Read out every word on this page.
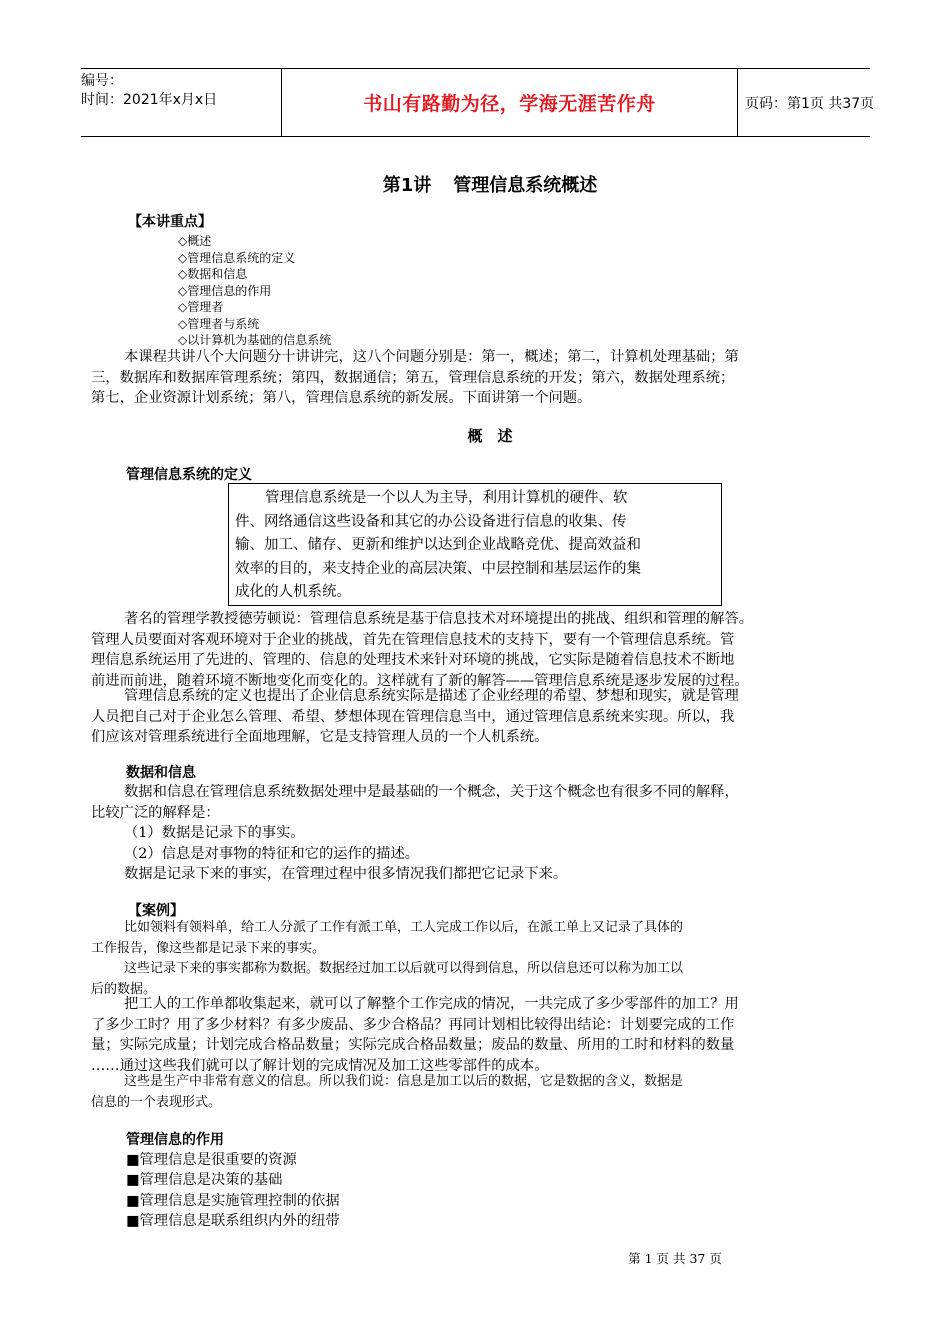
编号：
时间：2021年x月x日	书山有路勤为径，学海无涯苦作舟	页码：第1页 共37页
第1讲 管理信息系统概述
【本讲重点】
◇概述
◇管理信息系统的定义
◇数据和信息
◇管理信息的作用
◇管理者
◇管理者与系统
◇以计算机为基础的信息系统
本课程共讲八个大问题分十讲讲完，这八个问题分别是：第一，概述；第二，计算机处理基础；第
三，数据库和数据库管理系统；第四，数据通信；第五，管理信息系统的开发；第六，数据处理系统；
第七，企业资源计划系统；第八，管理信息系统的新发展。下面讲第一个问题。
概　述
管理信息系统的定义
管理信息系统是一个以人为主导，利用计算机的硬件、软
件、网络通信这些设备和其它的办公设备进行信息的收集、传
输、加工、储存、更新和维护以达到企业战略竞优、提高效益和
效率的目的，来支持企业的高层决策、中层控制和基层运作的集
成化的人机系统。
著名的管理学教授德劳顿说：管理信息系统是基于信息技术对环境提出的挑战、组织和管理的解答。
管理人员要面对客观环境对于企业的挑战，首先在管理信息技术的支持下，要有一个管理信息系统。管
理信息系统运用了先进的、管理的、信息的处理技术来针对环境的挑战，它实际是随着信息技术不断地
前进而前进，随着环境不断地变化而变化的。这样就有了新的解答——管理信息系统是逐步发展的过程。
管理信息系统的定义也提出了企业信息系统实际是描述了企业经理的希望、梦想和现实，就是管理
人员把自己对于企业怎么管理、希望、梦想体现在管理信息当中，通过管理信息系统来实现。所以，我
们应该对管理系统进行全面地理解，它是支持管理人员的一个人机系统。
数据和信息
数据和信息在管理信息系统数据处理中是最基础的一个概念，关于这个概念也有很多不同的解释，
比较广泛的解释是：
（1）数据是记录下的事实。
（2）信息是对事物的特征和它的运作的描述。
数据是记录下来的事实，在管理过程中很多情况我们都把它记录下来。
【案例】
比如领料有领料单，给工人分派了工作有派工单，工人完成工作以后，在派工单上又记录了具体的
工作报告，像这些都是记录下来的事实。
这些记录下来的事实都称为数据。数据经过加工以后就可以得到信息，所以信息还可以称为加工以
后的数据。
把工人的工作单都收集起来，就可以了解整个工作完成的情况，一共完成了多少零部件的加工？用
了多少工时？用了多少材料？有多少废品、多少合格品？再同计划相比较得出结论：计划要完成的工作
量；实际完成量；计划完成合格品数量；实际完成合格品数量；废品的数量、所用的工时和材料的数量
……通过这些我们就可以了解计划的完成情况及加工这些零部件的成本。
这些是生产中非常有意义的信息。所以我们说：信息是加工以后的数据，它是数据的含义，数据是
信息的一个表现形式。
管理信息的作用
■管理信息是很重要的资源
■管理信息是决策的基础
■管理信息是实施管理控制的依据
■管理信息是联系组织内外的纽带
第 1 页 共 37 页
